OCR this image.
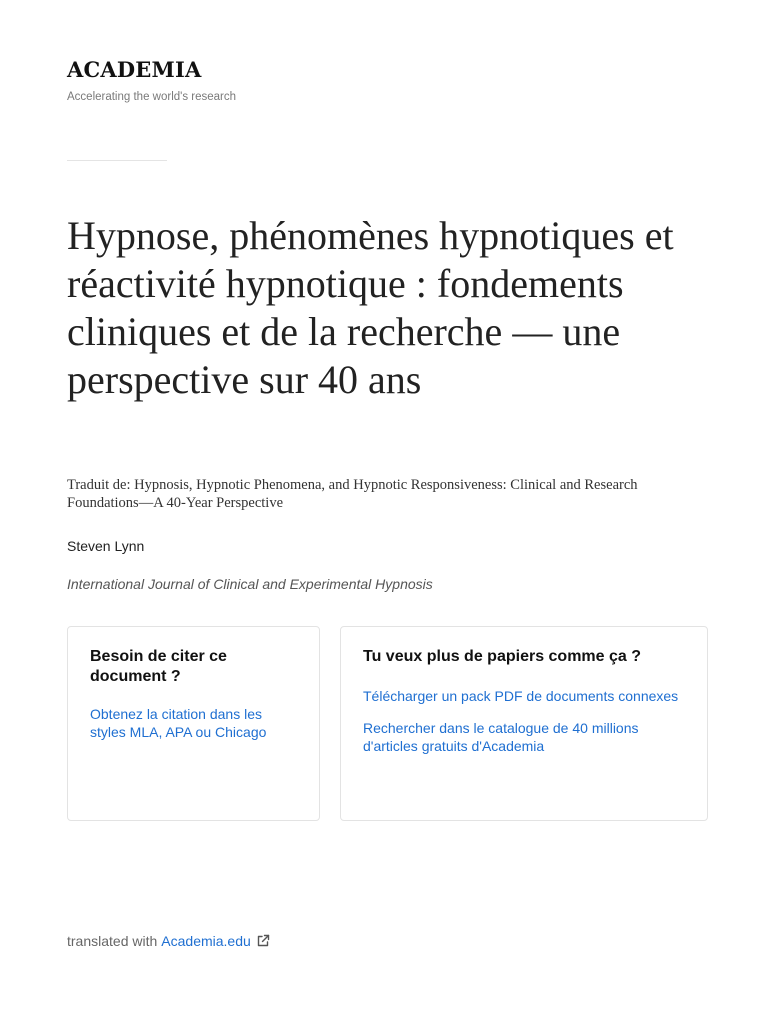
ACADEMIA
Accelerating the world's research
Hypnose, phénomènes hypnotiques et réactivité hypnotique : fondements cliniques et de la recherche — une perspective sur 40 ans

Traduit de: Hypnosis, Hypnotic Phenomena, and Hypnotic Responsiveness: Clinical and Research Foundations—A 40-Year Perspective

Steven Lynn
International Journal of Clinical and Experimental Hypnosis
Besoin de citer ce document ?
Obtenez la citation dans les styles MLA, APA ou Chicago
Tu veux plus de papiers comme ça ?
Télécharger un pack PDF de documents connexes
Rechercher dans le catalogue de 40 millions d'articles gratuits d'Academia
translated with Academia.edu
